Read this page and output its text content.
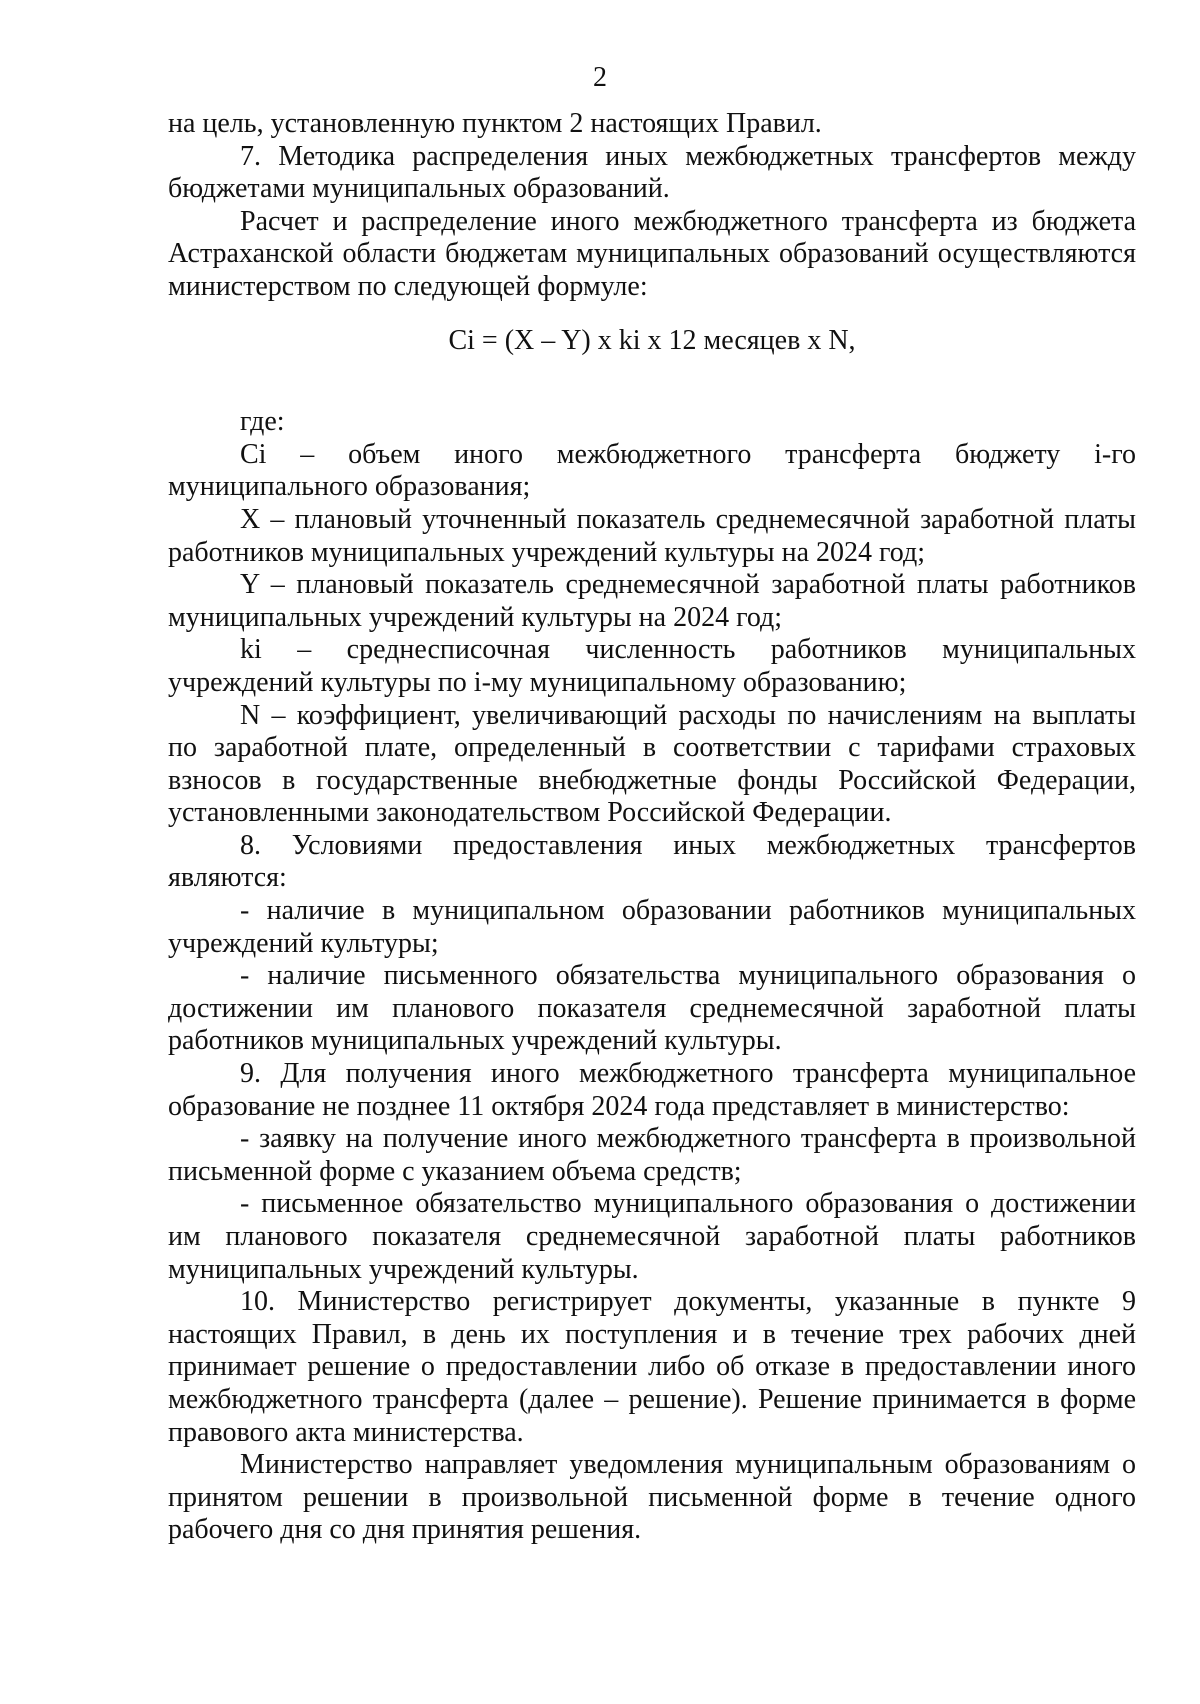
2

на цель, установленную пунктом 2 настоящих Правил.

7. Методика распределения иных межбюджетных трансфертов между бюджетами муниципальных образований.

Расчет и распределение иного межбюджетного трансферта из бюджета Астраханской области бюджетам муниципальных образований осуществляются министерством по следующей формуле:

Ci = (X – Y) x ki x 12 месяцев x N,

где:

Ci – объем иного межбюджетного трансферта бюджету i-го муниципального образования;

X – плановый уточненный показатель среднемесячной заработной платы работников муниципальных учреждений культуры на 2024 год;

Y – плановый показатель среднемесячной заработной платы работников муниципальных учреждений культуры на 2024 год;

ki – среднесписочная численность работников муниципальных учреждений культуры по i-му муниципальному образованию;

N – коэффициент, увеличивающий расходы по начислениям на выплаты по заработной плате, определенный в соответствии с тарифами страховых взносов в государственные внебюджетные фонды Российской Федерации, установленными законодательством Российской Федерации.

8. Условиями предоставления иных межбюджетных трансфертов являются:

- наличие в муниципальном образовании работников муниципальных учреждений культуры;

- наличие письменного обязательства муниципального образования о достижении им планового показателя среднемесячной заработной платы работников муниципальных учреждений культуры.

9. Для получения иного межбюджетного трансферта муниципальное образование не позднее 11 октября 2024 года представляет в министерство:

- заявку на получение иного межбюджетного трансферта в произвольной письменной форме с указанием объема средств;

- письменное обязательство муниципального образования о достижении им планового показателя среднемесячной заработной платы работников муниципальных учреждений культуры.

10. Министерство регистрирует документы, указанные в пункте 9 настоящих Правил, в день их поступления и в течение трех рабочих дней принимает решение о предоставлении либо об отказе в предоставлении иного межбюджетного трансферта (далее – решение). Решение принимается в форме правового акта министерства.

Министерство направляет уведомления муниципальным образованиям о принятом решении в произвольной письменной форме в течение одного рабочего дня со дня принятия решения.
